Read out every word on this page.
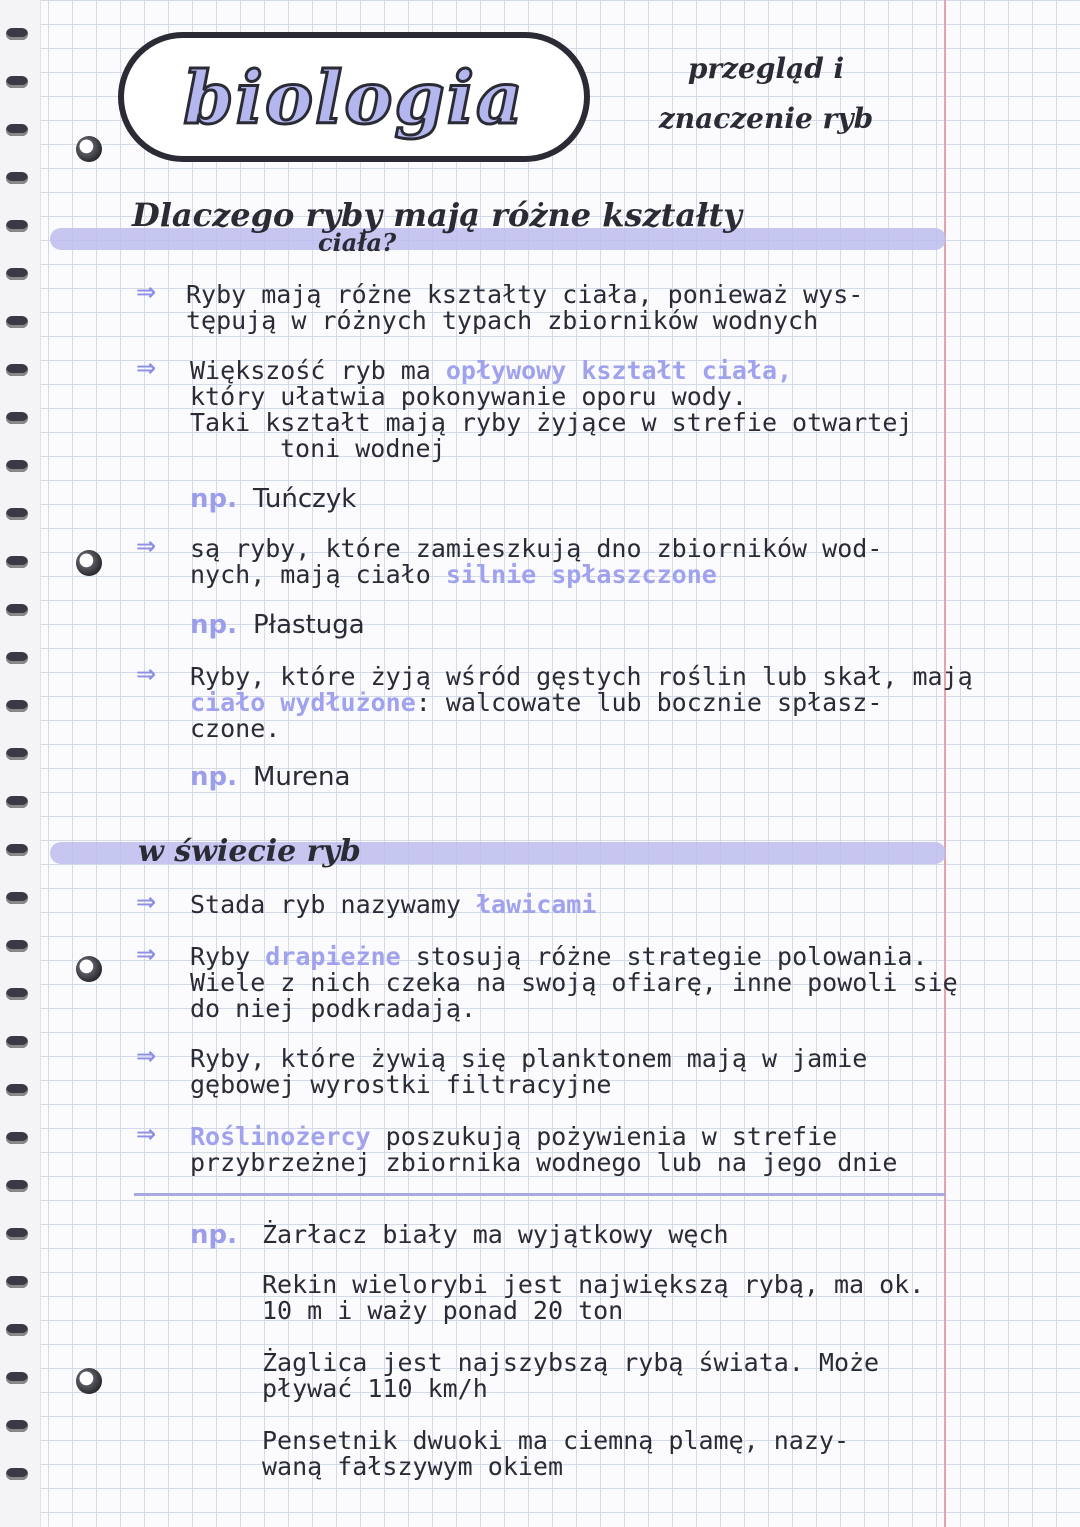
biologia	przegląd i
znaczenie ryb
Dlaczego ryby mają różne kształty
ciała?
⇒ Ryby mają różne kształty ciała, ponieważ wys-
tępują w różnych typach zbiorników wodnych
⇒ Większość ryb ma opływowy kształt ciała,
który ułatwia pokonywanie oporu wody.
Taki kształt mają ryby żyjące w strefie otwartej
toni wodnej
np. Tuńczyk
⇒ są ryby, które zamieszkują dno zbiorników wod-
nych, mają ciało silnie spłaszczone
np. Płastuga
⇒ Ryby, które żyją wśród gęstych roślin lub skał, mają
ciało wydłużone: walcowate lub bocznie spłasz-
czone.
np. Murena
w świecie ryb
⇒ Stada ryb nazywamy ławicami
⇒ Ryby drapieżne stosują różne strategie polowania.
Wiele z nich czeka na swoją ofiarę, inne powoli się
do niej podkradają.
⇒ Ryby, które żywią się planktonem mają w jamie
gębowej wyrostki filtracyjne
⇒ Roślinożercy poszukują pożywienia w strefie
przybrzeżnej zbiornika wodnego lub na jego dnie
np.	Żarłacz biały ma wyjątkowy węch
Rekin wielorybi jest największą rybą, ma ok.
10 m i waży ponad 20 ton
Żaglica jest najszybszą rybą świata. Może
pływać 110 km/h
Pensetnik dwuoki ma ciemną plamę, nazy-
waną fałszywym okiem
